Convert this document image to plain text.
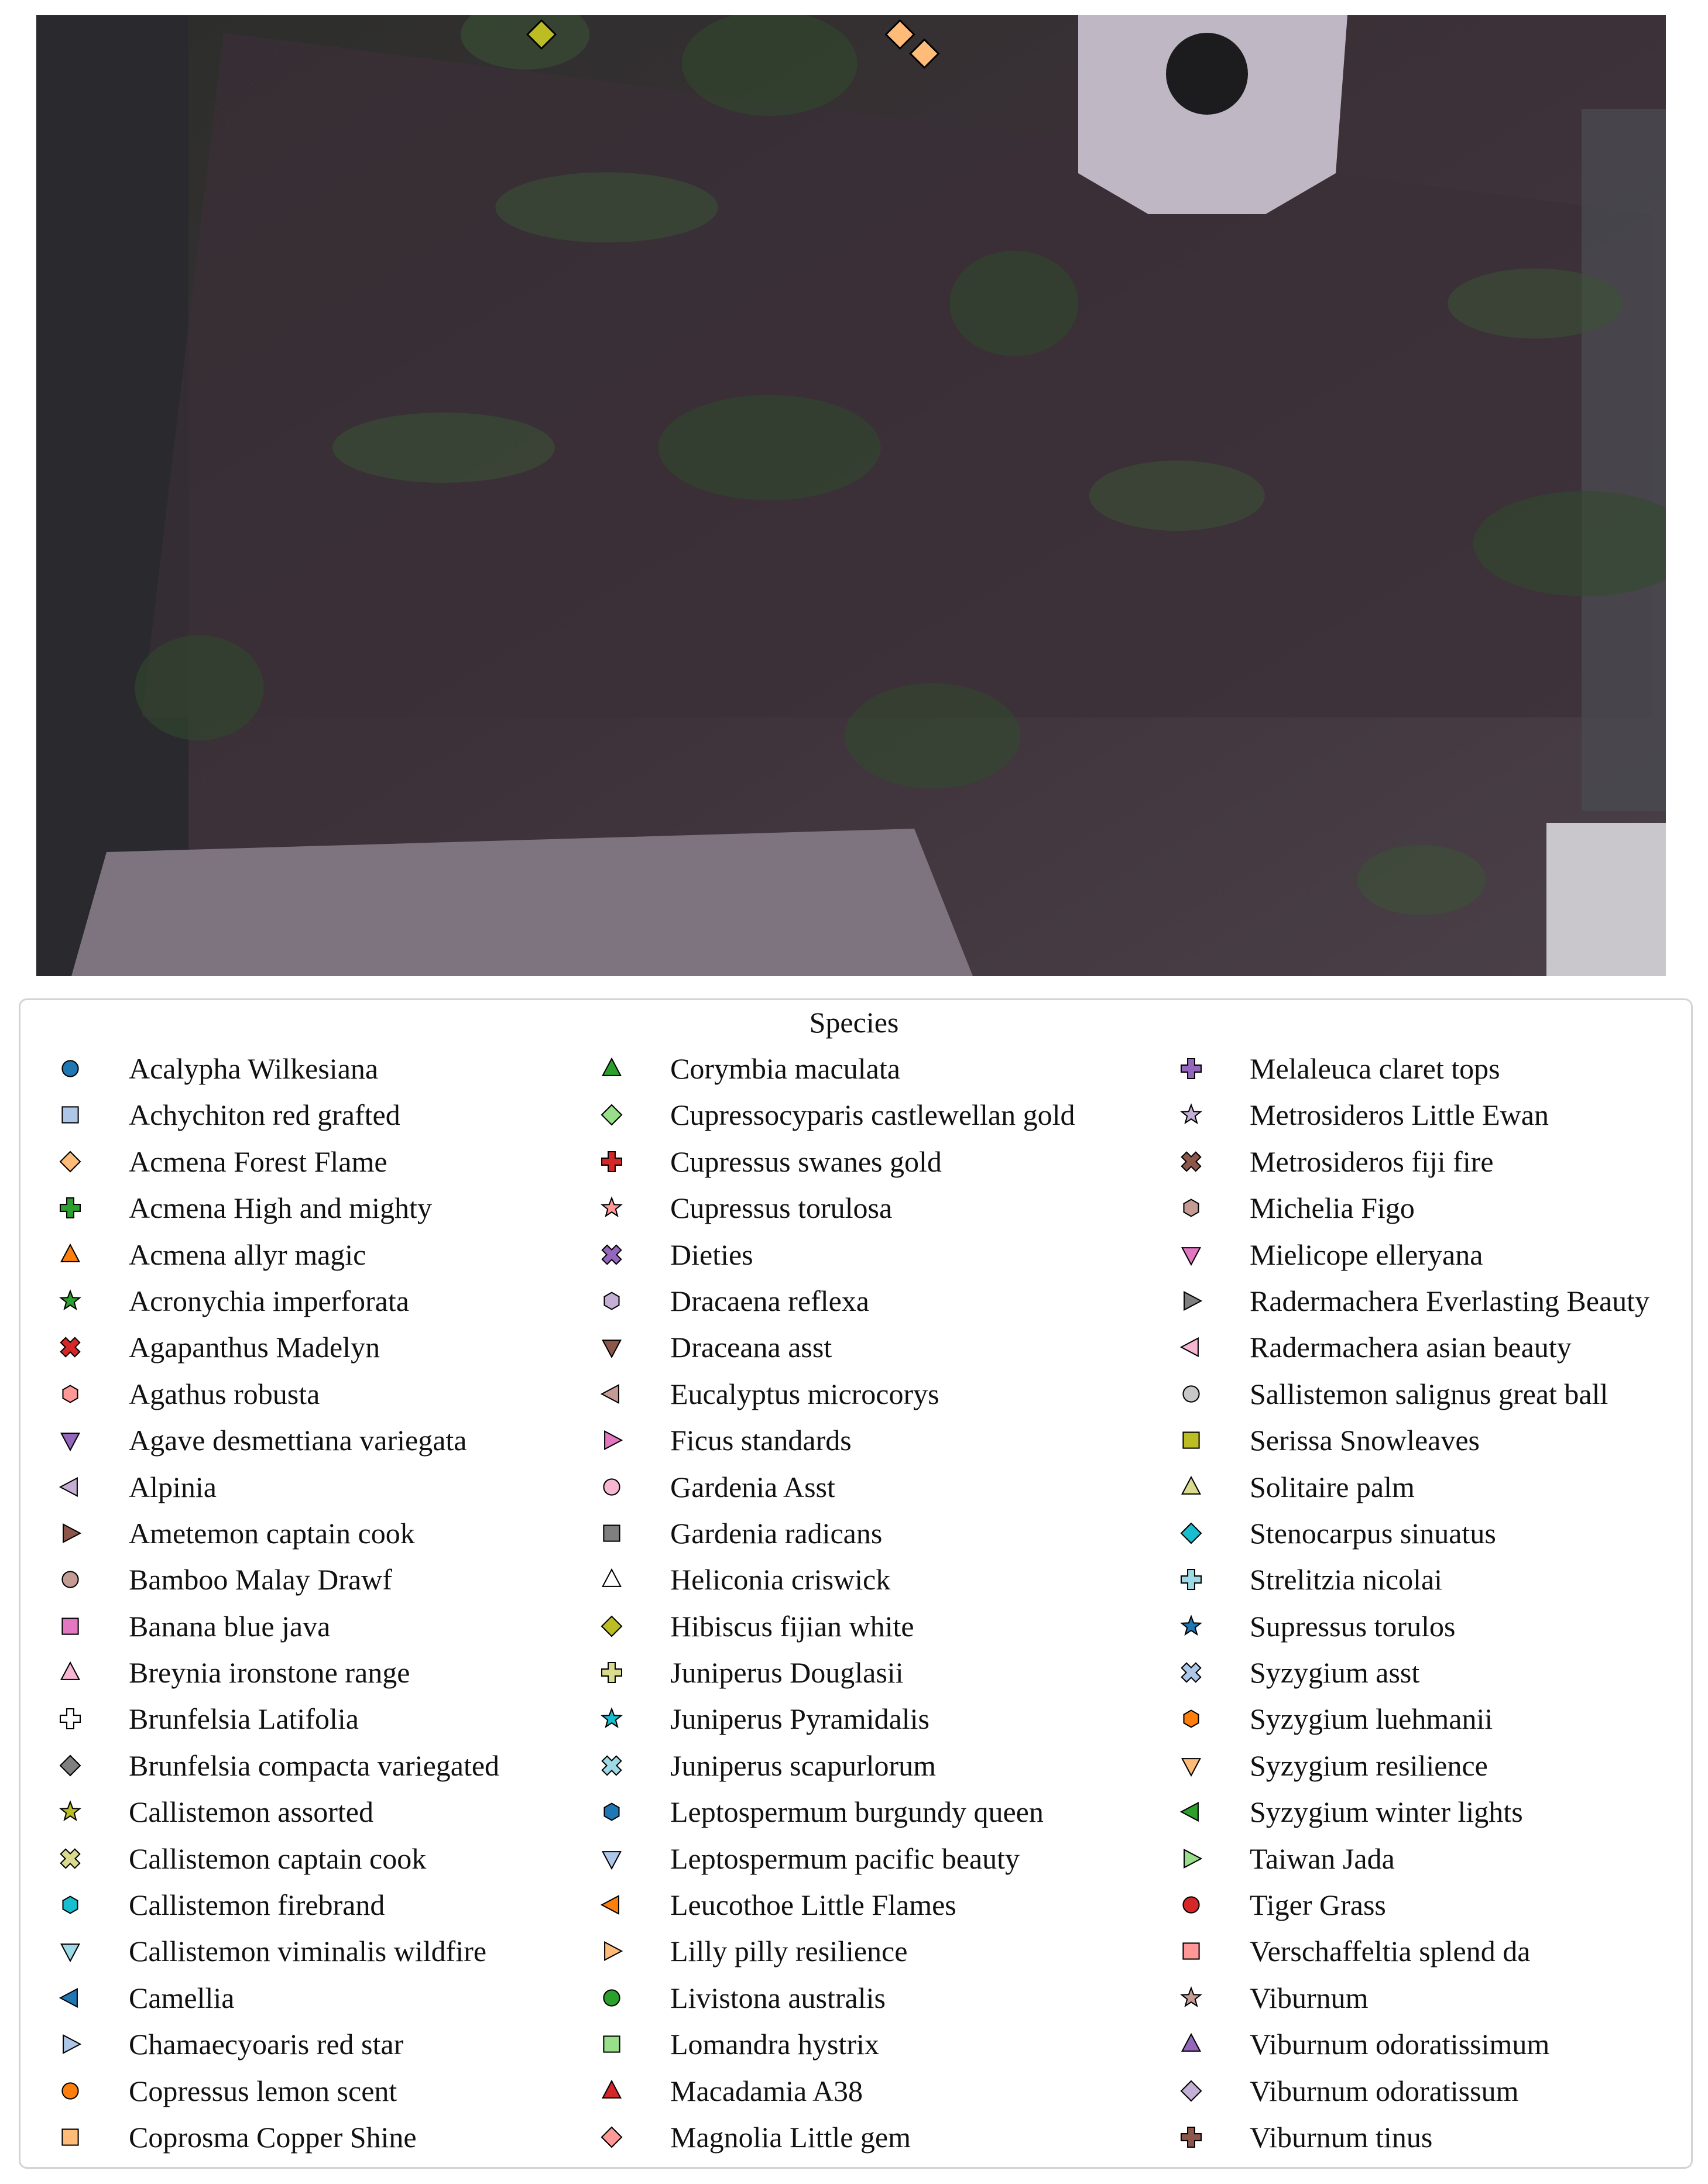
Species
Acalypha Wilkesiana
Achychiton red grafted
Acmena Forest Flame
Acmena High and mighty
Acmena allyr magic
Acronychia imperforata
Agapanthus Madelyn
Agathus robusta
Agave desmettiana variegata
Alpinia
Ametemon captain cook
Bamboo Malay Drawf
Banana blue java
Breynia ironstone range
Brunfelsia Latifolia
Brunfelsia compacta variegated
Callistemon assorted
Callistemon captain cook
Callistemon firebrand
Callistemon viminalis wildfire
Camellia
Chamaecyoaris red star
Copressus lemon scent
Coprosma Copper Shine
Corymbia maculata
Cupressocyparis castlewellan gold
Cupressus swanes gold
Cupressus torulosa
Dieties
Dracaena reflexa
Draceana asst
Eucalyptus microcorys
Ficus standards
Gardenia Asst
Gardenia radicans
Heliconia criswick
Hibiscus fijian white
Juniperus Douglasii
Juniperus Pyramidalis
Juniperus scapurlorum
Leptospermum burgundy queen
Leptospermum pacific beauty
Leucothoe Little Flames
Lilly pilly resilience
Livistona australis
Lomandra hystrix
Macadamia A38
Magnolia Little gem
Melaleuca claret tops
Metrosideros Little Ewan
Metrosideros fiji fire
Michelia Figo
Mielicope elleryana
Radermachera Everlasting Beauty
Radermachera asian beauty
Sallistemon salignus great ball
Serissa Snowleaves
Solitaire palm
Stenocarpus sinuatus
Strelitzia nicolai
Supressus torulos
Syzygium asst
Syzygium luehmanii
Syzygium resilience
Syzygium winter lights
Taiwan Jada
Tiger Grass
Verschaffeltia splend da
Viburnum
Viburnum odoratissimum
Viburnum odoratissum
Viburnum tinus
